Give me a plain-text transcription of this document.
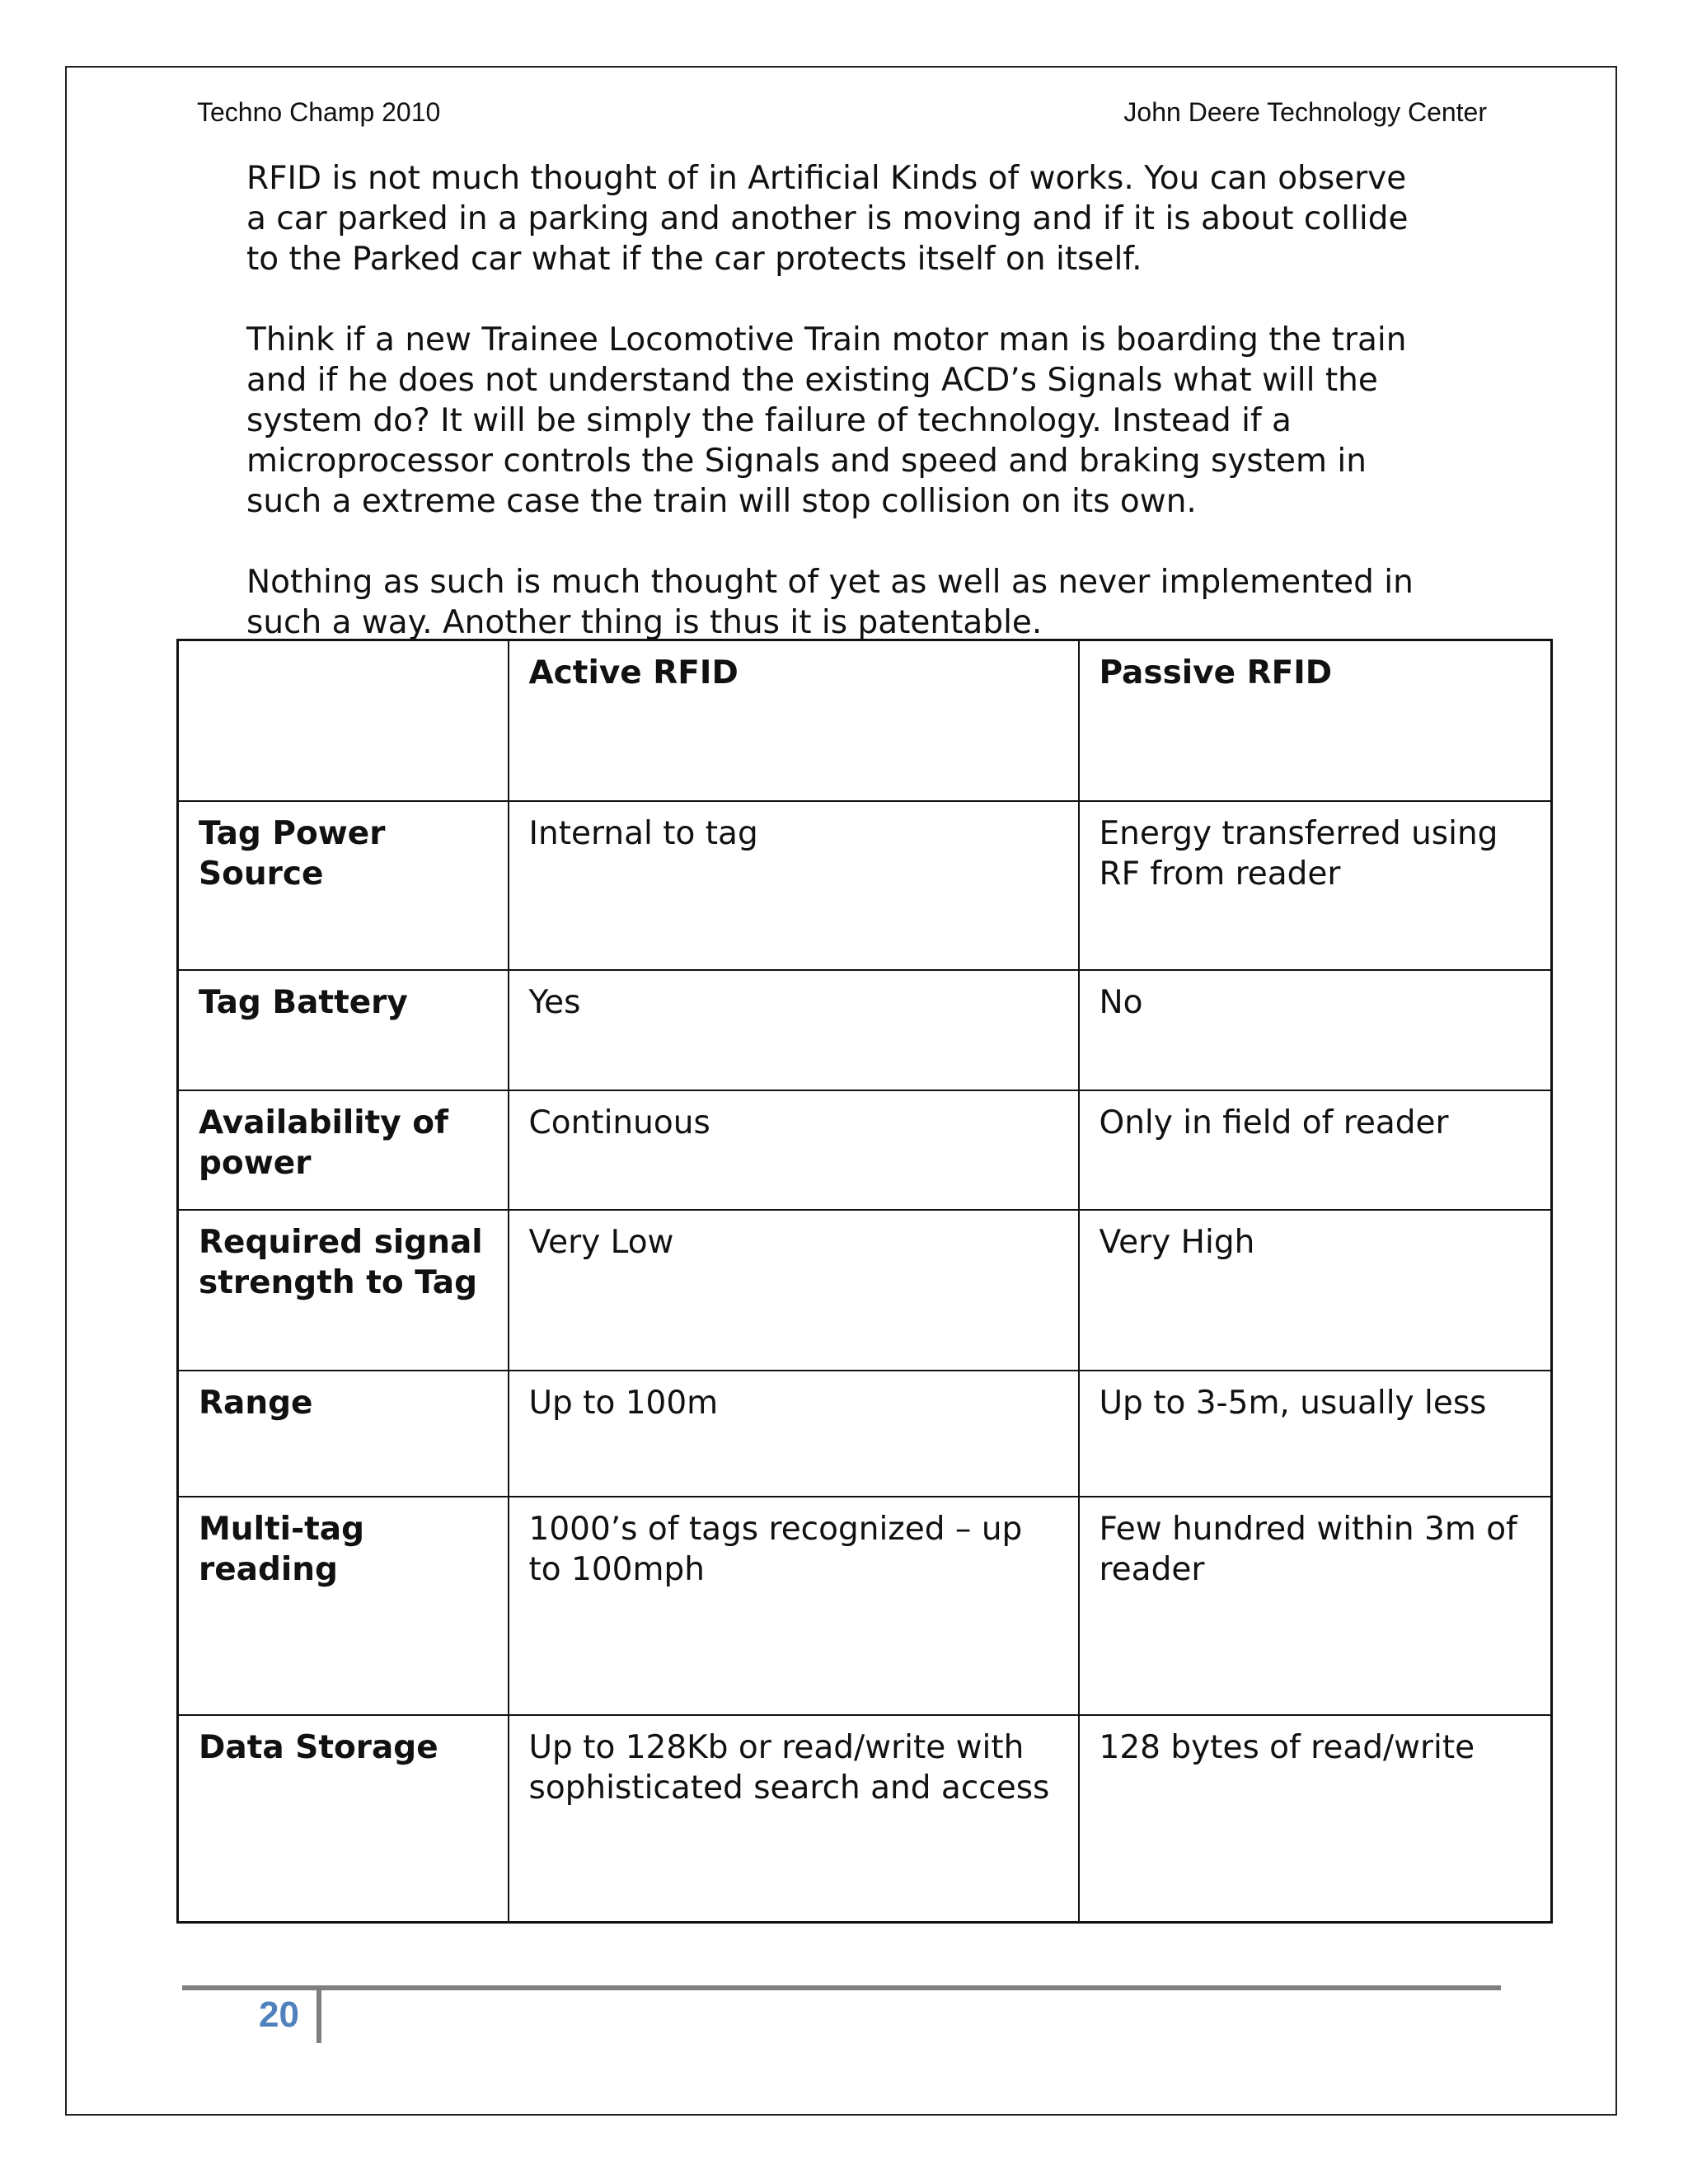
Techno Champ 2010	John Deere Technology Center

RFID is not much thought of in Artificial Kinds of works. You can observe
a car parked in a parking and another is moving and if it is about collide
to the Parked car what if the car protects itself on itself.

Think if a new Trainee Locomotive Train motor man is boarding the train
and if he does not understand the existing ACD’s Signals what will the
system do? It will be simply the failure of technology. Instead if a
microprocessor controls the Signals and speed and braking system in
such a extreme case the train will stop collision on its own.

Nothing as such is much thought of yet as well as never implemented in
such a way. Another thing is thus it is patentable.

	Active RFID	Passive RFID
Tag Power Source	Internal to tag	Energy transferred using RF from reader
Tag Battery	Yes	No
Availability of power	Continuous	Only in field of reader
Required signal strength to Tag	Very Low	Very High
Range	Up to 100m	Up to 3-5m, usually less
Multi-tag reading	1000’s of tags recognized – up to 100mph	Few hundred within 3m of reader
Data Storage	Up to 128Kb or read/write with sophisticated search and access	128 bytes of read/write
20
